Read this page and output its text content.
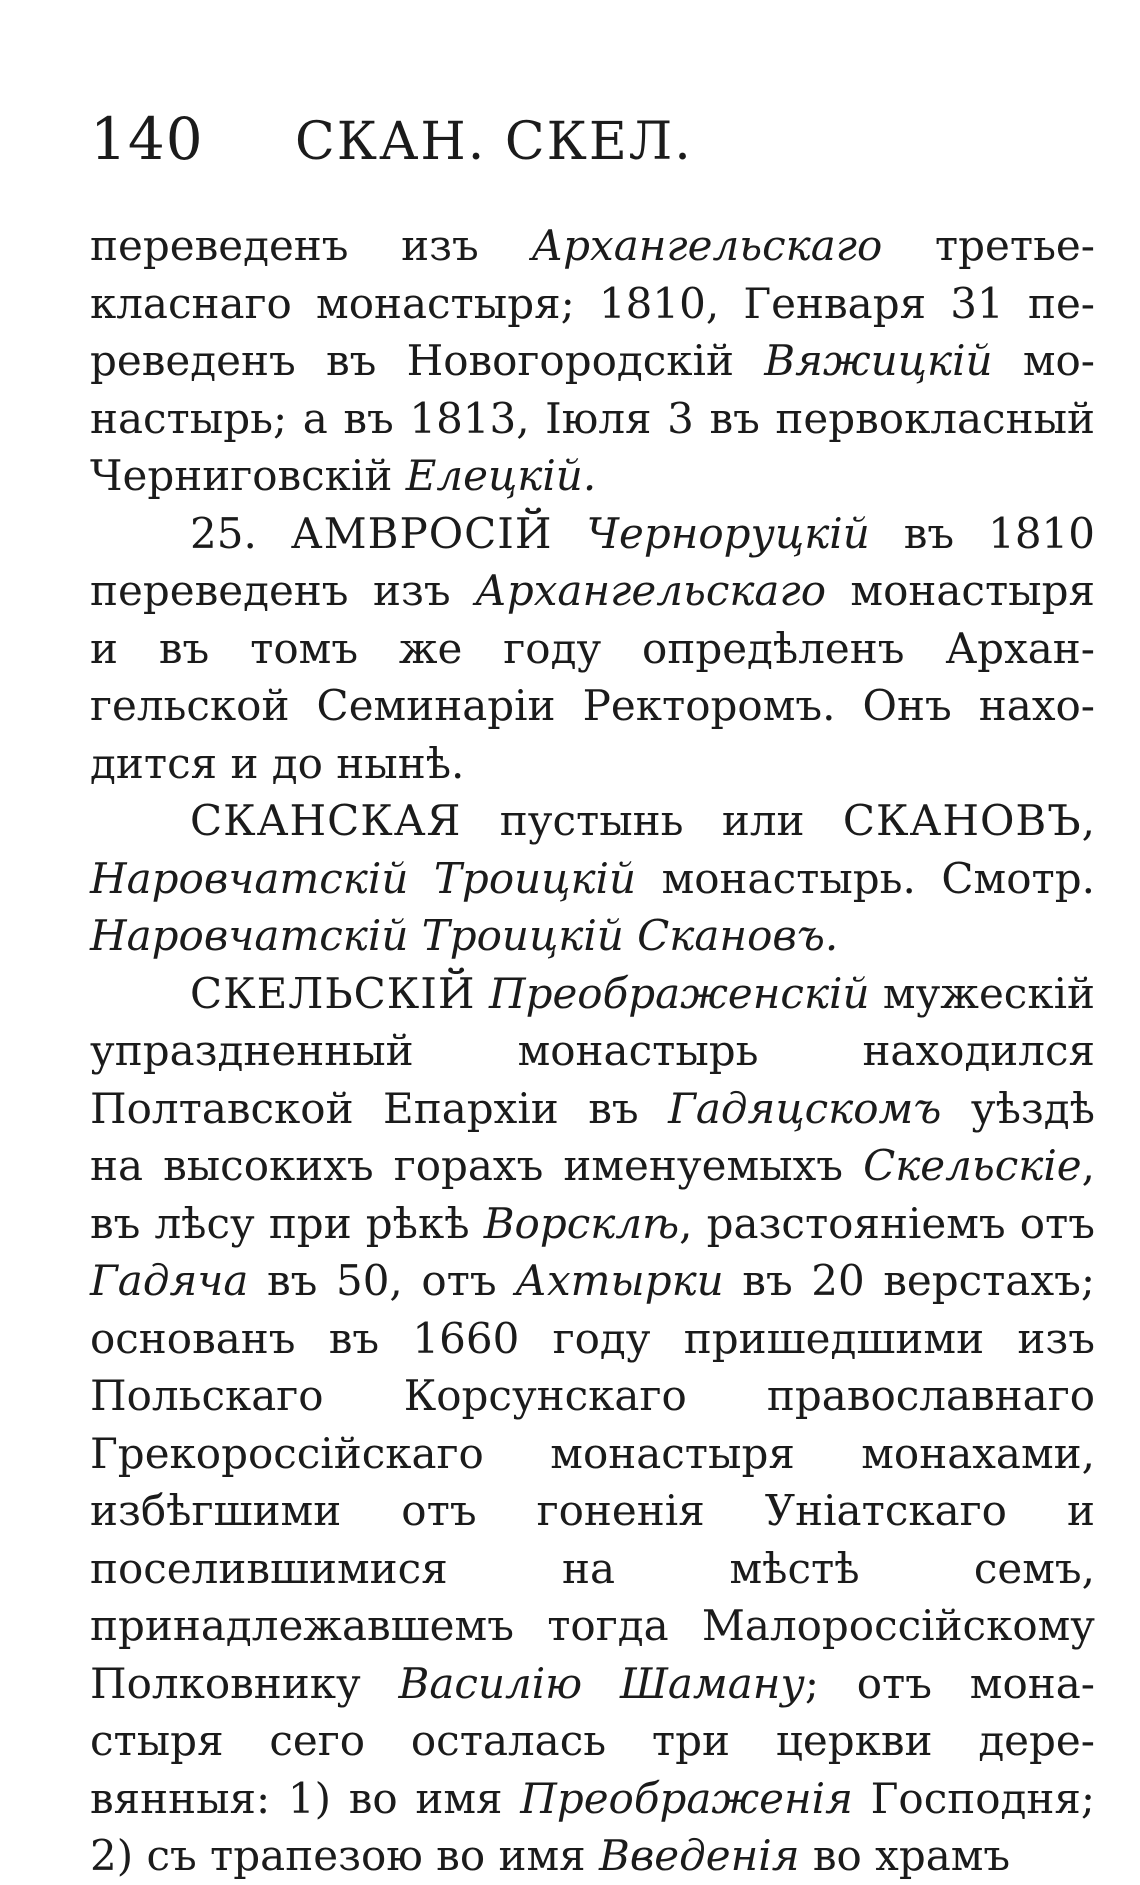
140	СКАН. СКЕЛ.

переведенъ изъ Архангельскаго третьекласнаго монастыря; 1810, Генваря 31 переведенъ въ Новогородскій Вяжицкій монастырь; а въ 1813, Іюля 3 въ первокласный Черниговскій Елецкій.

25. АМВРОСІЙ Черноруцкій въ 1810 переведенъ изъ Архангельскаго монастыря и въ томъ же году опредѣленъ Архангельской Семинаріи Ректоромъ. Онъ находится и до нынѣ.

СКАНСКАЯ пустынь или СКАНОВЪ, Наровчатскій Троицкій монастырь. Смотр. Наровчатскій Троицкій Скановъ.

СКЕЛЬСКІЙ Преображенскій мужескій упраздненный монастырь находился Полтавской Епархіи въ Гадяцскомъ уѣздѣ на высокихъ горахъ именуемыхъ Скельскіе, въ лѣсу при рѣкѣ Ворсклѣ, разстояніемъ отъ Гадяча въ 50, отъ Ахтырки въ 20 верстахъ; основанъ въ 1660 году пришедшими изъ Польскаго Корсунскаго православнаго Грекороссійскаго монастыря монахами, избѣгшими отъ гоненія Уніатскаго и поселившимися на мѣстѣ семъ, принадлежавшемъ тогда Малороссійскому Полковнику Василію Шаману; отъ монастыря сего осталась три церкви деревянныя: 1) во имя Преображенія Господня; 2) съ трапезою во имя Введенія во храмъ
